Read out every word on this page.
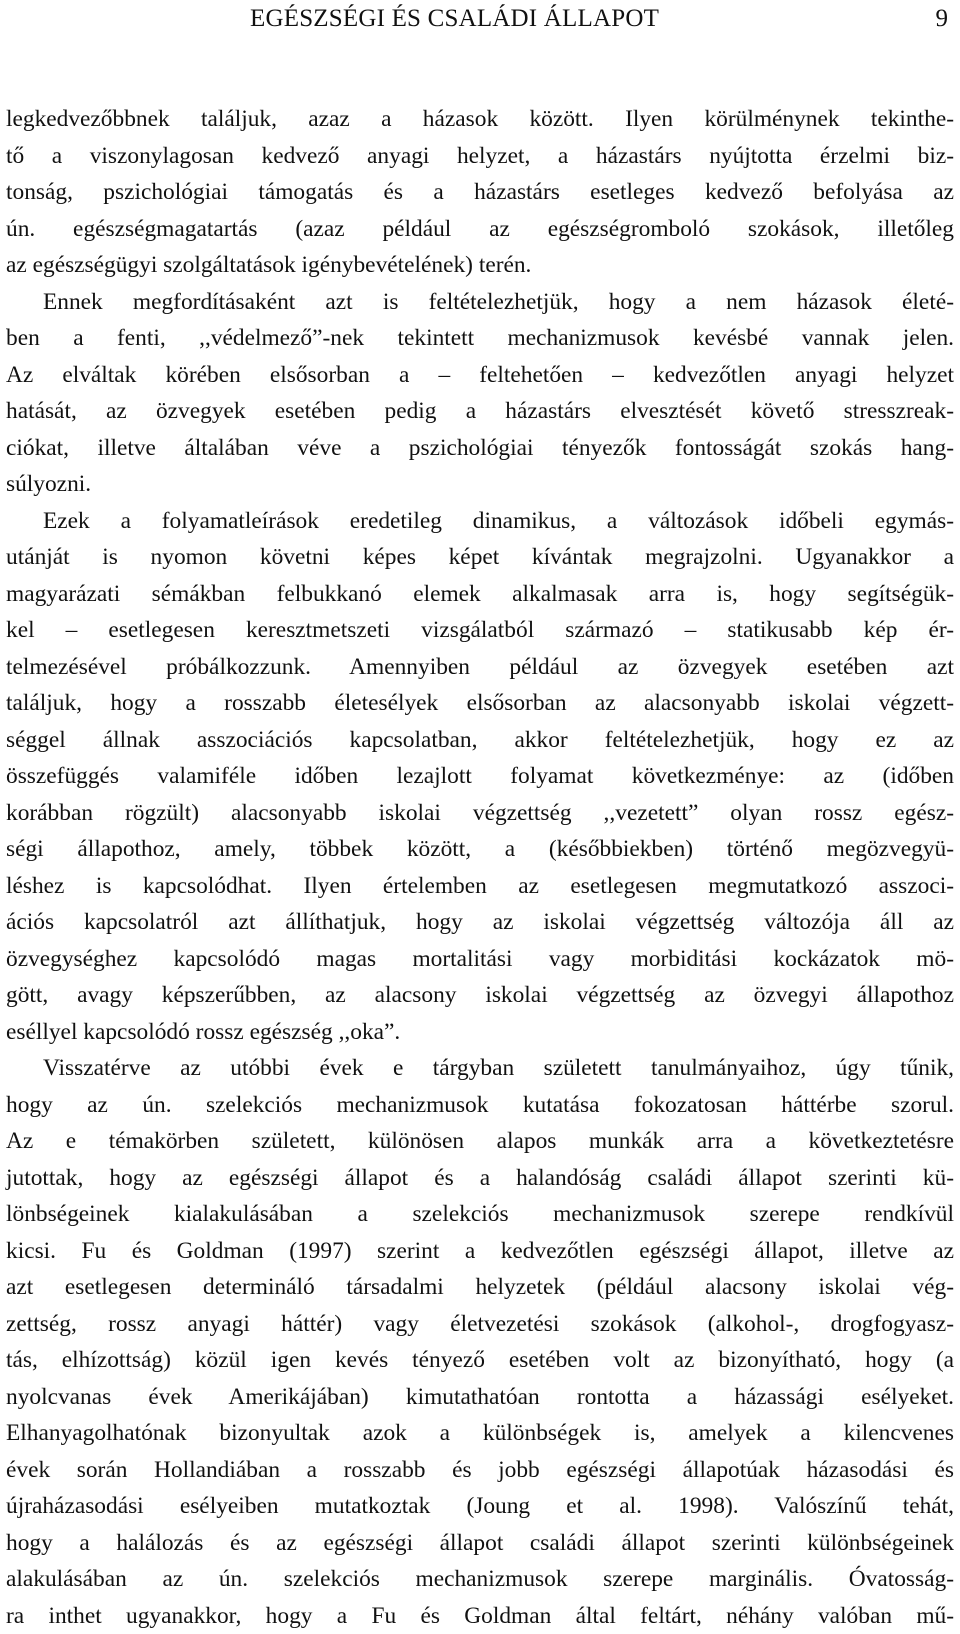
EGÉSZSÉGI ÉS CSALÁDI ÁLLAPOT	9
legkedvezőbbnek találjuk, azaz a házasok között. Ilyen körülménynek tekinthe-
tő a viszonylagosan kedvező anyagi helyzet, a házastárs nyújtotta érzelmi biz-
tonság, pszichológiai támogatás és a házastárs esetleges kedvező befolyása az
ún. egészségmagatartás (azaz például az egészségromboló szokások, illetőleg
az egészségügyi szolgáltatások igénybevételének) terén.
Ennek megfordításaként azt is feltételezhetjük, hogy a nem házasok életé-
ben a fenti, ,,védelmező”-nek tekintett mechanizmusok kevésbé vannak jelen.
Az elváltak körében elsősorban a – feltehetően – kedvezőtlen anyagi helyzet
hatását, az özvegyek esetében pedig a házastárs elvesztését követő stresszreak-
ciókat, illetve általában véve a pszichológiai tényezők fontosságát szokás hang-
súlyozni.
Ezek a folyamatleírások eredetileg dinamikus, a változások időbeli egymás-
utánját is nyomon követni képes képet kívántak megrajzolni. Ugyanakkor a
magyarázati sémákban felbukkanó elemek alkalmasak arra is, hogy segítségük-
kel – esetlegesen keresztmetszeti vizsgálatból származó – statikusabb kép ér-
telmezésével próbálkozzunk. Amennyiben például az özvegyek esetében azt
találjuk, hogy a rosszabb életesélyek elsősorban az alacsonyabb iskolai végzett-
séggel állnak asszociációs kapcsolatban, akkor feltételezhetjük, hogy ez az
összefüggés valamiféle időben lezajlott folyamat következménye: az (időben
korábban rögzült) alacsonyabb iskolai végzettség ,,vezetett” olyan rossz egész-
ségi állapothoz, amely, többek között, a (későbbiekben) történő megözvegyü-
léshez is kapcsolódhat. Ilyen értelemben az esetlegesen megmutatkozó asszoci-
ációs kapcsolatról azt állíthatjuk, hogy az iskolai végzettség változója áll az
özvegységhez kapcsolódó magas mortalitási vagy morbiditási kockázatok mö-
gött, avagy képszerűbben, az alacsony iskolai végzettség az özvegyi állapothoz
eséllyel kapcsolódó rossz egészség ,,oka”.
Visszatérve az utóbbi évek e tárgyban született tanulmányaihoz, úgy tűnik,
hogy az ún. szelekciós mechanizmusok kutatása fokozatosan háttérbe szorul.
Az e témakörben született, különösen alapos munkák arra a következtetésre
jutottak, hogy az egészségi állapot és a halandóság családi állapot szerinti kü-
lönbségeinek kialakulásában a szelekciós mechanizmusok szerepe rendkívül
kicsi. Fu és Goldman (1997) szerint a kedvezőtlen egészségi állapot, illetve az
azt esetlegesen determináló társadalmi helyzetek (például alacsony iskolai vég-
zettség, rossz anyagi háttér) vagy életvezetési szokások (alkohol-, drogfogyasz-
tás, elhízottság) közül igen kevés tényező esetében volt az bizonyítható, hogy (a
nyolcvanas évek Amerikájában) kimutathatóan rontotta a házassági esélyeket.
Elhanyagolhatónak bizonyultak azok a különbségek is, amelyek a kilencvenes
évek során Hollandiában a rosszabb és jobb egészségi állapotúak házasodási és
újraházasodási esélyeiben mutatkoztak (Joung et al. 1998). Valószínű tehát,
hogy a halálozás és az egészségi állapot családi állapot szerinti különbségeinek
alakulásában az ún. szelekciós mechanizmusok szerepe marginális. Óvatosság-
ra inthet ugyanakkor, hogy a Fu és Goldman által feltárt, néhány valóban mű-
